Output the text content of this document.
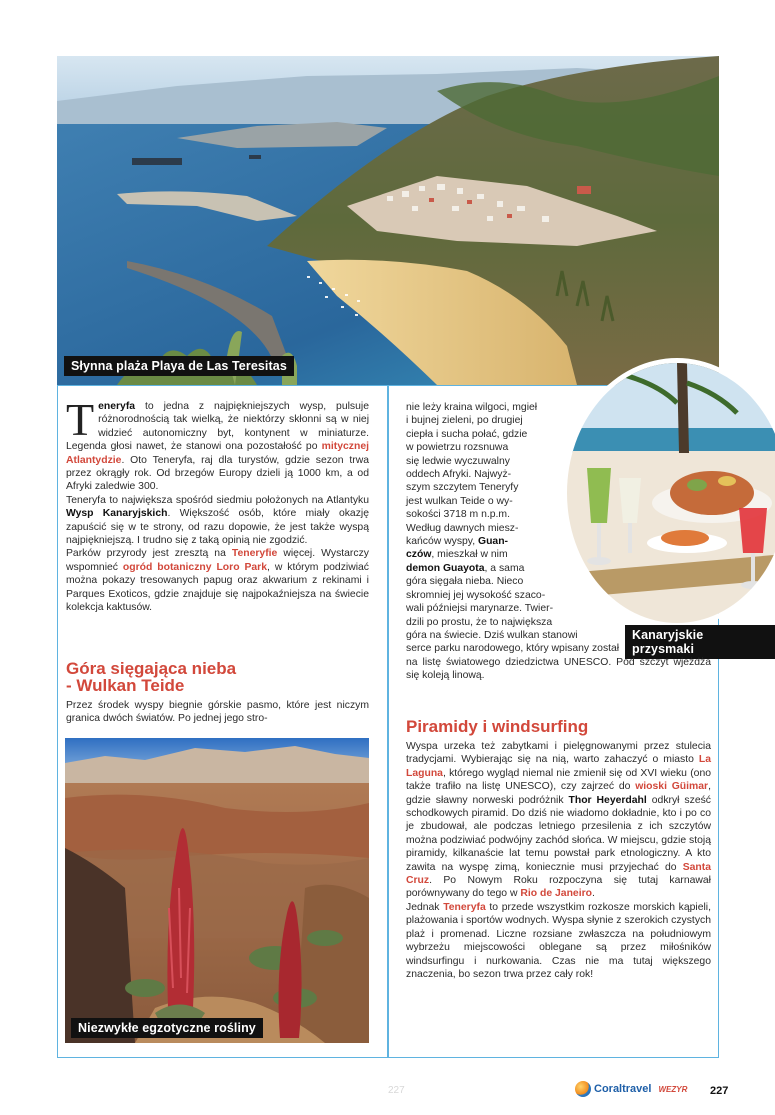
Słynna plaża Playa de Las Teresitas

Teneryfa to jedna z najpiękniejszych wysp, pulsuje różnorodnością tak wielką, że niektórzy skłonni są w niej widzieć autonomiczny byt, kontynent w miniaturze. Legenda głosi nawet, że stanowi ona pozostałość po mitycznej Atlantydzie. Oto Teneryfa, raj dla turystów, gdzie sezon trwa przez okrągły rok. Od brzegów Europy dzieli ją 1000 km, a od Afryki zaledwie 300.

Teneryfa to największa spośród siedmiu położonych na Atlantyku Wysp Kanaryjskich. Większość osób, które miały okazję zapuścić się w te strony, od razu dopowie, że jest także wyspą najpiękniejszą. I trudno się z taką opinią nie zgodzić.

Parków przyrody jest zresztą na Teneryfie więcej. Wystarczy wspomnieć ogród botaniczny Loro Park, w którym podziwiać można pokazy tresowanych papug oraz akwarium z rekinami i Parques Exoticos, gdzie znajduje się najpokaźniejsza na świecie kolekcja kaktusów.

Góra sięgająca nieba
- Wulkan Teide

Przez środek wyspy biegnie górskie pasmo, które jest niczym granica dwóch światów. Po jednej jego stro-

Niezwykłe egzotyczne rośliny
Kanaryjskie przysmaki
nie leży kraina wilgoci, mgieł
i bujnej zieleni, po drugiej
ciepła i sucha połać, gdzie
w powietrzu rozsnuwa
się ledwie wyczuwalny
oddech Afryki. Najwyż-
szym szczytem Teneryfy
jest wulkan Teide o wy-
sokości 3718 m n.p.m.
Według dawnych miesz-
kańców wyspy, Guan-
czów, mieszkał w nim
demon Guayota, a sama
góra sięgała nieba. Nieco
skromniej jej wysokość szaco-
wali późniejsi marynarze. Twier-
dzili po prostu, że to największa
góra na świecie. Dziś wulkan stanowi
serce parku narodowego, który wpisany został
na listę światowego dziedzictwa UNESCO. Pod szczyt wjeżdża się koleją linową.
Piramidy i windsurfing

Wyspa urzeka też zabytkami i pielęgnowanymi przez stulecia tradycjami. Wybierając się na nią, warto zahaczyć o miasto La Laguna, którego wygląd niemal nie zmienił się od XVI wieku (ono także trafiło na listę UNESCO), czy zajrzeć do wioski Güimar, gdzie sławny norweski podróżnik Thor Heyerdahl odkrył sześć schodkowych piramid. Do dziś nie wiadomo dokładnie, kto i po co je zbudował, ale podczas letniego przesilenia z ich szczytów można podziwiać podwójny zachód słońca. W miejscu, gdzie stoją piramidy, kilkanaście lat temu powstał park etnologiczny. A kto zawita na wyspę zimą, koniecznie musi przyjechać do Santa Cruz. Po Nowym Roku rozpoczyna się tutaj karnawał porównywany do tego w Rio de Janeiro.

Jednak Teneryfa to przede wszystkim rozkosze morskich kąpieli, plażowania i sportów wodnych. Wyspa słynie z szerokich czystych plaż i promenad. Liczne rozsiane zwłaszcza na południowym wybrzeżu miejscowości oblegane są przez miłośników windsurfingu i nurkowania. Czas nie ma tutaj większego znaczenia, bo sezon trwa przez cały rok!

227	Coraltravel WEZYR 227
